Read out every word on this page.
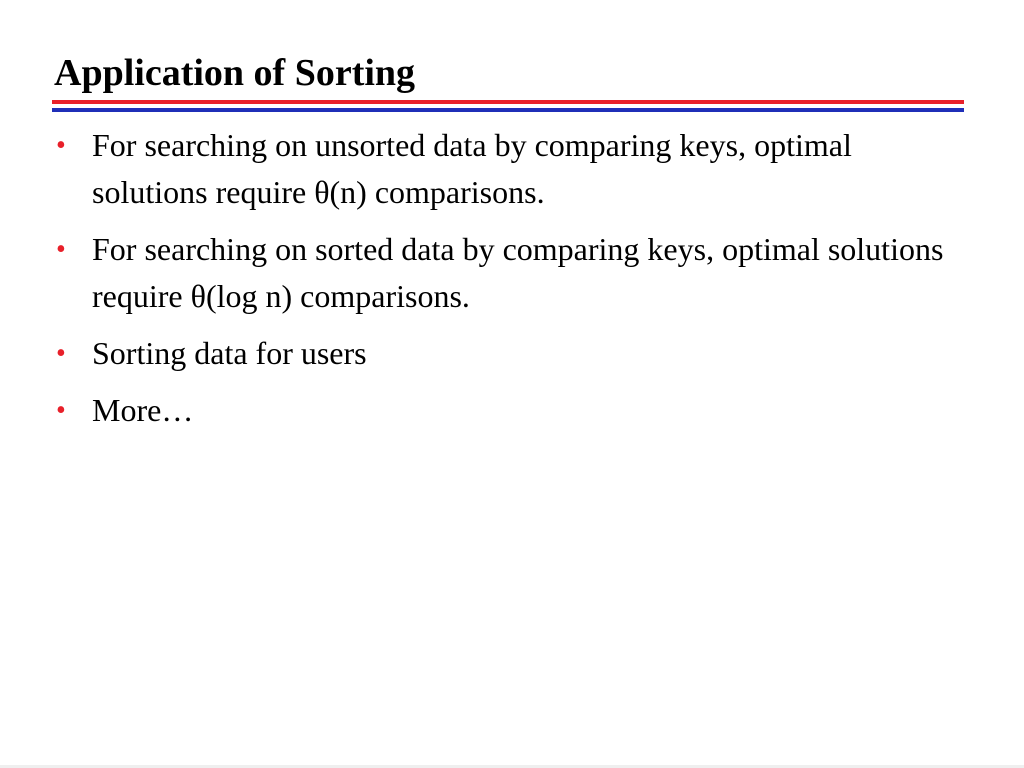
Application of Sorting
• For searching on unsorted data by comparing keys, optimal solutions require θ(n) comparisons.
• For searching on sorted data by comparing keys, optimal solutions require θ(log n) comparisons.
• Sorting data for users
• More…
